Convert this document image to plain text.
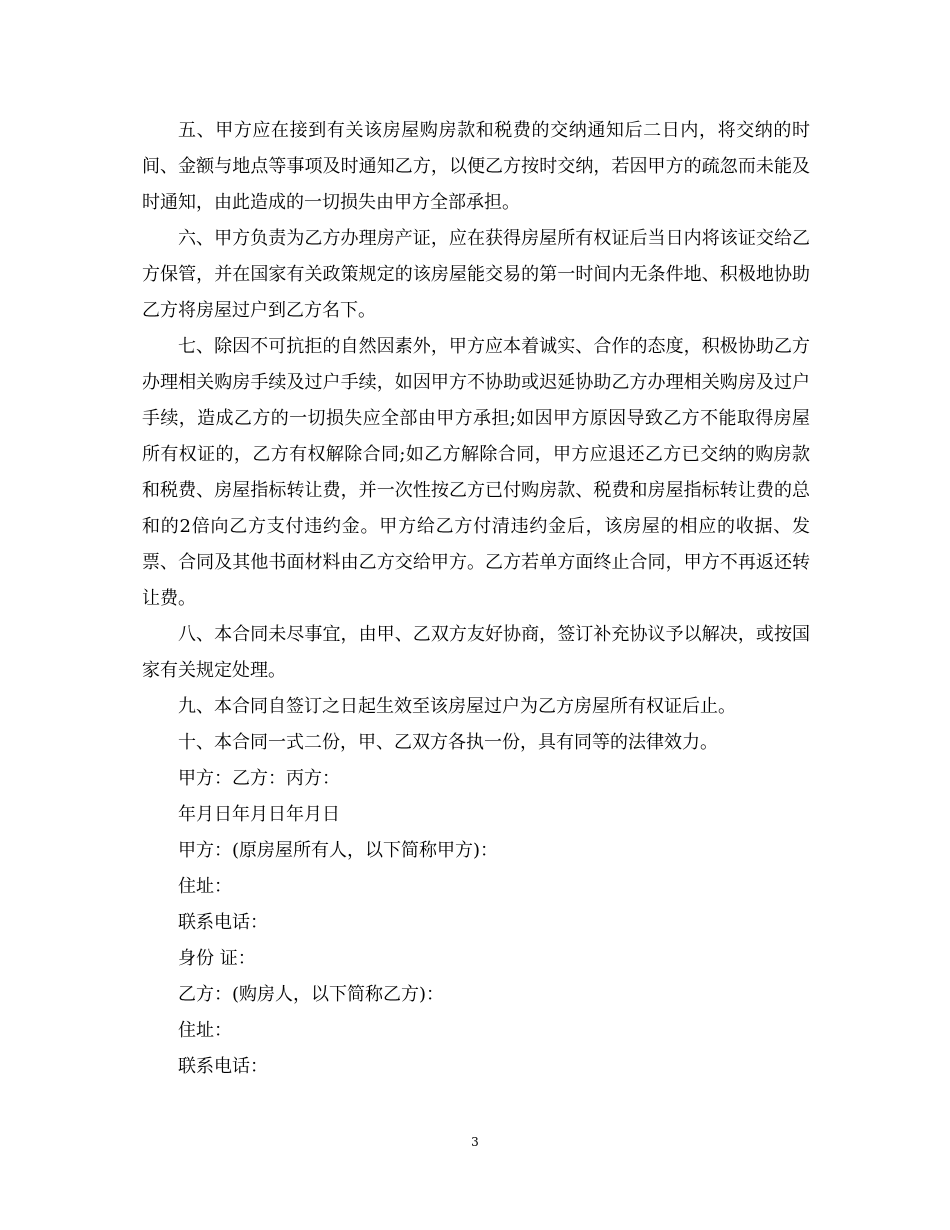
五、甲方应在接到有关该房屋购房款和税费的交纳通知后二日内，将交纳的时间、金额与地点等事项及时通知乙方，以便乙方按时交纳，若因甲方的疏忽而未能及时通知，由此造成的一切损失由甲方全部承担。

六、甲方负责为乙方办理房产证，应在获得房屋所有权证后当日内将该证交给乙方保管，并在国家有关政策规定的该房屋能交易的第一时间内无条件地、积极地协助乙方将房屋过户到乙方名下。

七、除因不可抗拒的自然因素外，甲方应本着诚实、合作的态度，积极协助乙方办理相关购房手续及过户手续，如因甲方不协助或迟延协助乙方办理相关购房及过户手续，造成乙方的一切损失应全部由甲方承担;如因甲方原因导致乙方不能取得房屋所有权证的，乙方有权解除合同;如乙方解除合同，甲方应退还乙方已交纳的购房款和税费、房屋指标转让费，并一次性按乙方已付购房款、税费和房屋指标转让费的总和的2倍向乙方支付违约金。甲方给乙方付清违约金后，该房屋的相应的收据、发票、合同及其他书面材料由乙方交给甲方。乙方若单方面终止合同，甲方不再返还转让费。

八、本合同未尽事宜，由甲、乙双方友好协商，签订补充协议予以解决，或按国家有关规定处理。

九、本合同自签订之日起生效至该房屋过户为乙方房屋所有权证后止。

十、本合同一式二份，甲、乙双方各执一份，具有同等的法律效力。

甲方：乙方：丙方：

年月日年月日年月日

甲方：(原房屋所有人，以下简称甲方)：

住址：

联系电话：

身份 证：

乙方：(购房人，以下简称乙方)：

住址：

联系电话：

3
